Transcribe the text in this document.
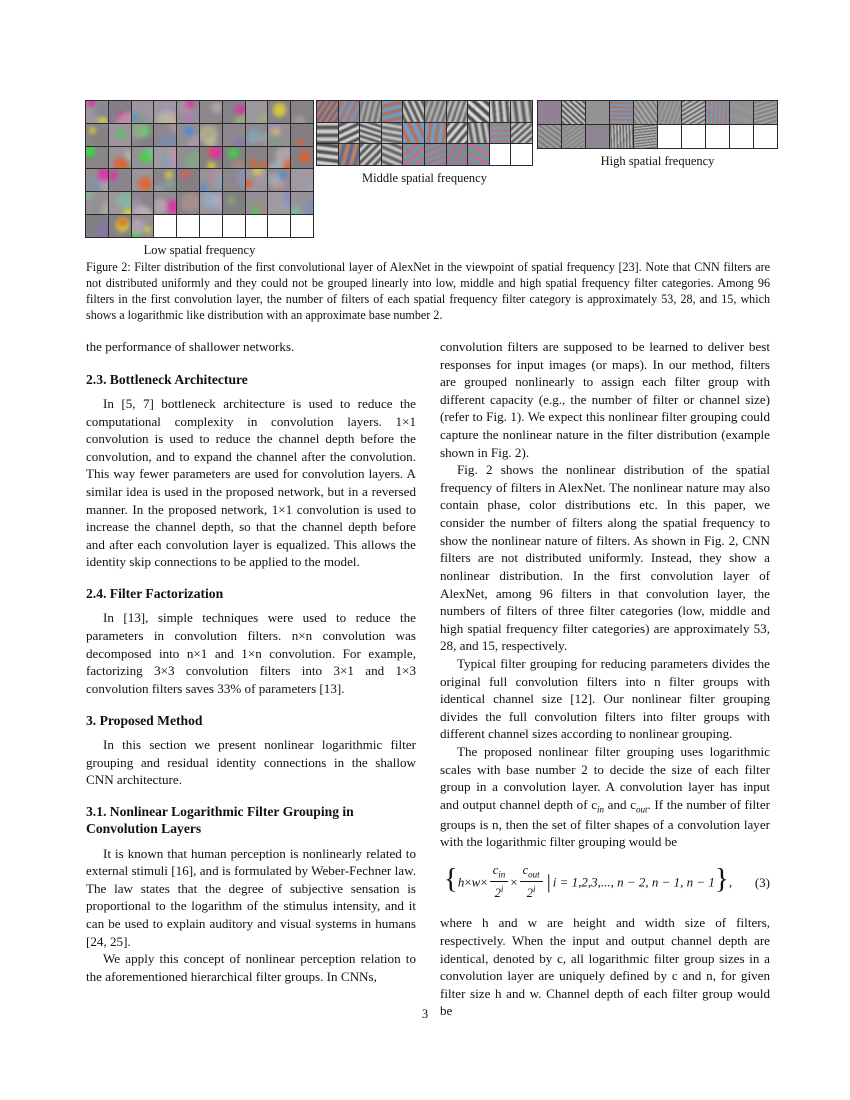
Low spatial frequency
Middle spatial frequency
High spatial frequency
Figure 2: Filter distribution of the first convolutional layer of AlexNet in the viewpoint of spatial frequency [23]. Note that CNN filters are not distributed uniformly and they could not be grouped linearly into low, middle and high spatial frequency filter categories. Among 96 filters in the first convolution layer, the number of filters of each spatial frequency filter category is approximately 53, 28, and 15, which shows a logarithmic like distribution with an approximate base number 2.

the performance of shallower networks.

2.3. Bottleneck Architecture

In [5, 7] bottleneck architecture is used to reduce the computational complexity in convolution layers. 1×1 convolution is used to reduce the channel depth before the convolution, and to expand the channel after the convolution. This way fewer parameters are used for convolution layers. A similar idea is used in the proposed network, but in a reversed manner. In the proposed network, 1×1 convolution is used to increase the channel depth, so that the channel depth before and after each convolution layer is equalized. This allows the identity skip connections to be applied to the model.

2.4. Filter Factorization

In [13], simple techniques were used to reduce the parameters in convolution filters. n×n convolution was decomposed into n×1 and 1×n convolution. For example, factorizing 3×3 convolution filters into 3×1 and 1×3 convolution filters saves 33% of parameters [13].

3. Proposed Method

In this section we present nonlinear logarithmic filter grouping and residual identity connections in the shallow CNN architecture.

3.1. Nonlinear Logarithmic Filter Grouping in Convolution Layers

It is known that human perception is nonlinearly related to external stimuli [16], and is formulated by Weber-Fechner law. The law states that the degree of subjective sensation is proportional to the logarithm of the stimulus intensity, and it can be used to explain auditory and visual systems in humans [24, 25].

We apply this concept of nonlinear perception relation to the aforementioned hierarchical filter groups. In CNNs,

convolution filters are supposed to be learned to deliver best responses for input images (or maps). In our method, filters are grouped nonlinearly to assign each filter group with different capacity (e.g., the number of filter or channel size) (refer to Fig. 1). We expect this nonlinear filter grouping could capture the nonlinear nature in the filter distribution (example shown in Fig. 2).

Fig. 2 shows the nonlinear distribution of the spatial frequency of filters in AlexNet. The nonlinear nature may also contain phase, color distributions etc. In this paper, we consider the number of filters along the spatial frequency to show the nonlinear nature of filters. As shown in Fig. 2, CNN filters are not distributed uniformly. Instead, they show a nonlinear distribution. In the first convolution layer of AlexNet, among 96 filters in that convolution layer, the numbers of filters of three filter categories (low, middle and high spatial frequency filter categories) are approximately 53, 28, and 15, respectively.

Typical filter grouping for reducing parameters divides the original full convolution filters into n filter groups with identical channel size [12]. Our nonlinear filter grouping divides the full convolution filters into filter groups with different channel sizes according to nonlinear grouping.

The proposed nonlinear filter grouping uses logarithmic scales with base number 2 to decide the size of each filter group in a convolution layer. A convolution layer has input and output channel depth of $c_{in}$ and $c_{out}$. If the number of filter groups is n, then the set of filter shapes of a convolution layer with the logarithmic filter grouping would be

{$h\times w\times \frac{c_{in}}{2^i} \times \frac{c_{out}}{2^i}$ | i = 1,2,3,..., n − 2, n − 1, n − 1},	(3)

where h and w are height and width size of filters, respectively. When the input and output channel depth are identical, denoted by c, all logarithmic filter group sizes in a convolution layer are uniquely defined by c and n, for given filter size h and w. Channel depth of each filter group would be

3
